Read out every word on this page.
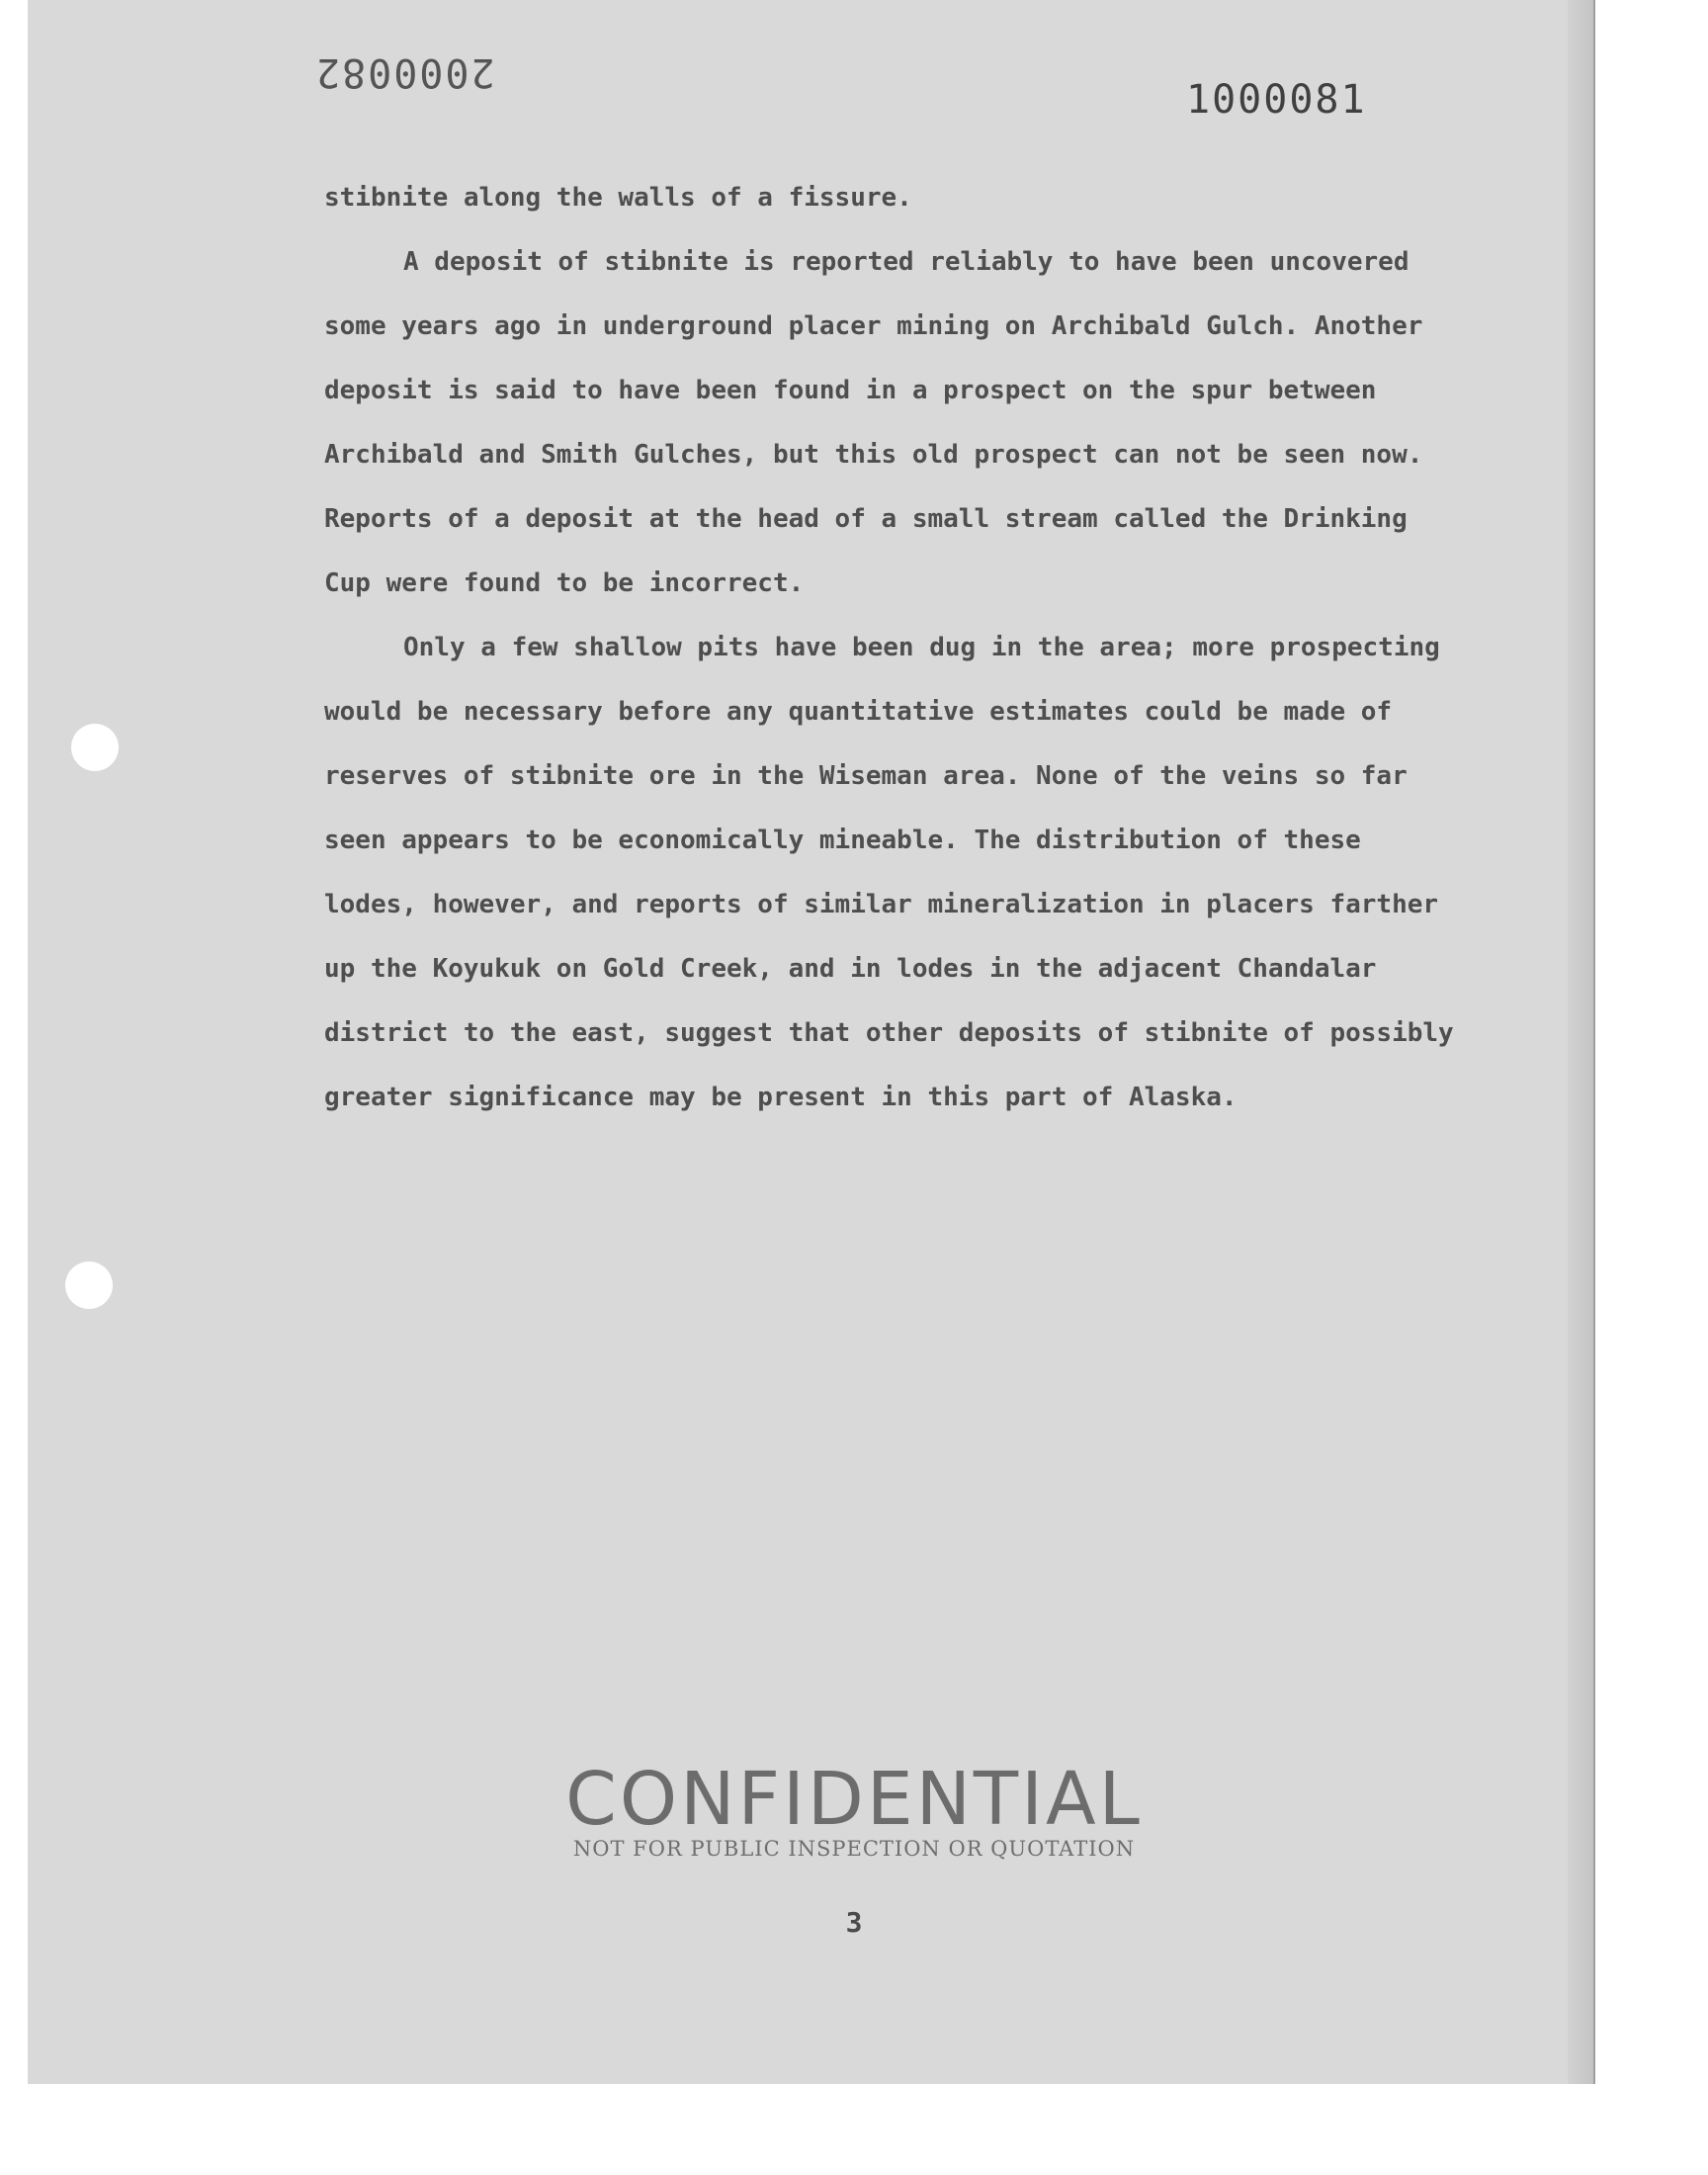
2000082
1000081

stibnite along the walls of a fissure.

A deposit of stibnite is reported reliably to have been uncovered some years ago in underground placer mining on Archibald Gulch. Another deposit is said to have been found in a prospect on the spur between Archibald and Smith Gulches, but this old prospect can not be seen now. Reports of a deposit at the head of a small stream called the Drinking Cup were found to be incorrect.

Only a few shallow pits have been dug in the area; more prospecting would be necessary before any quantitative estimates could be made of reserves of stibnite ore in the Wiseman area. None of the veins so far seen appears to be economically mineable. The distribution of these lodes, however, and reports of similar mineralization in placers farther up the Koyukuk on Gold Creek, and in lodes in the adjacent Chandalar district to the east, suggest that other deposits of stibnite of possibly greater significance may be present in this part of Alaska.

CONFIDENTIAL
NOT FOR PUBLIC INSPECTION OR QUOTATION
3
